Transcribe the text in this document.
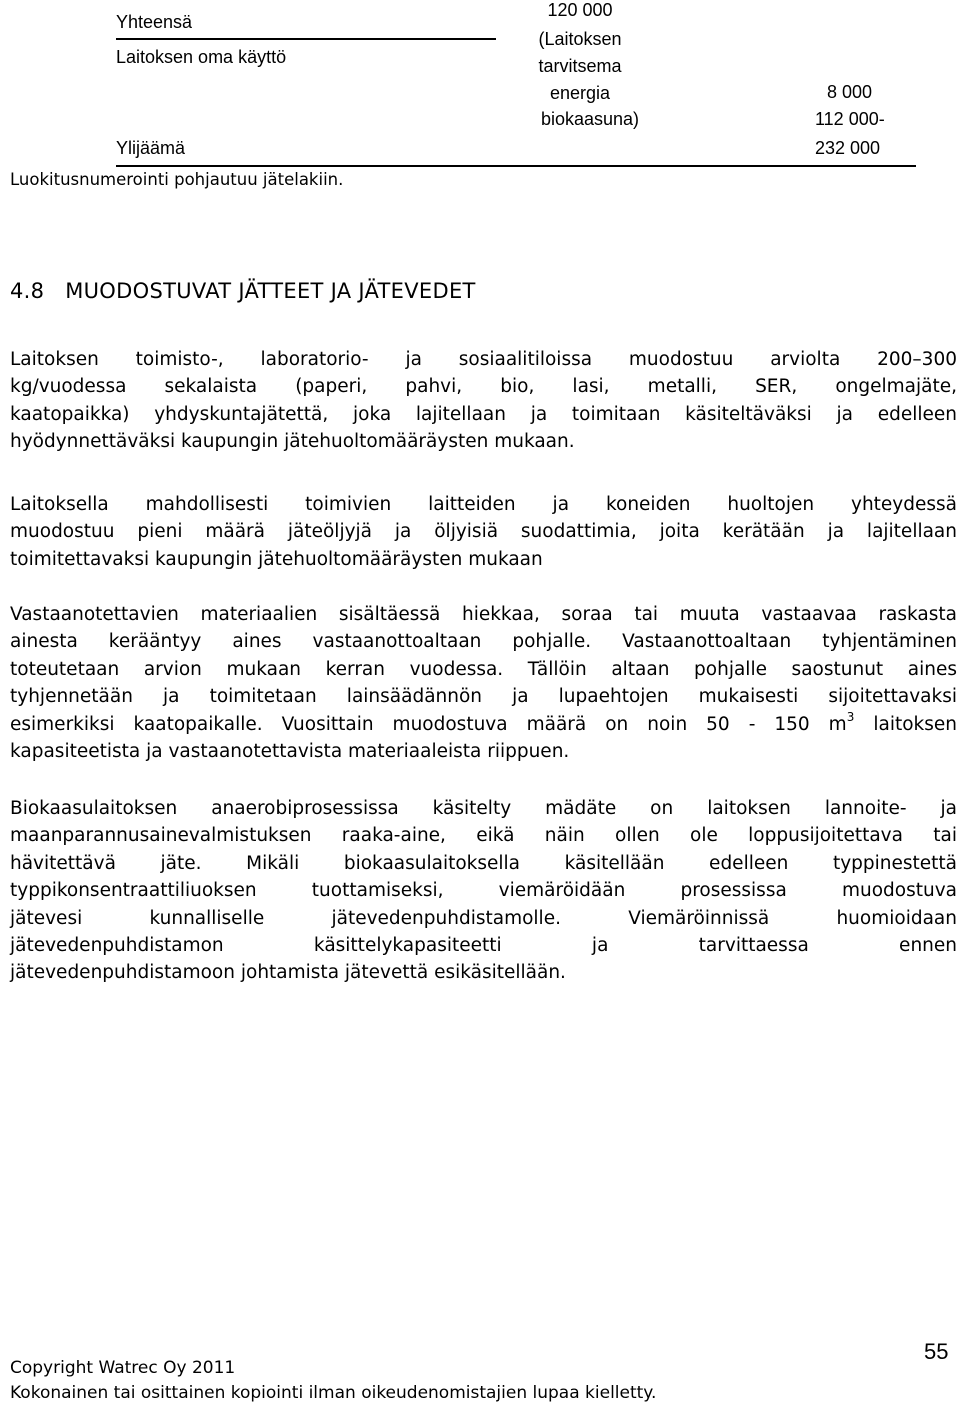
Yhteensä
Laitoksen oma käyttö
Ylijäämä
120 000
(Laitoksen
tarvitsema
energia
biokaasuna)
8 000
112 000-
232 000
Luokitusnumerointi pohjautuu jätelakiin.
4.8   MUODOSTUVAT JÄTTEET JA JÄTEVEDET
Laitoksen toimisto-, laboratorio- ja sosiaalitiloissa muodostuu arviolta 200–300
kg/vuodessa sekalaista (paperi, pahvi, bio, lasi, metalli, SER, ongelmajäte,
kaatopaikka) yhdyskuntajätettä, joka lajitellaan ja toimitaan käsiteltäväksi ja edelleen
hyödynnettäväksi kaupungin jätehuoltomääräysten mukaan.
Laitoksella mahdollisesti toimivien laitteiden ja koneiden huoltojen yhteydessä
muodostuu pieni määrä jäteöljyjä ja öljyisiä suodattimia, joita kerätään ja lajitellaan
toimitettavaksi kaupungin jätehuoltomääräysten mukaan
Vastaanotettavien materiaalien sisältäessä hiekkaa, soraa tai muuta vastaavaa raskasta
ainesta kerääntyy aines vastaanottoaltaan pohjalle. Vastaanottoaltaan tyhjentäminen
toteutetaan arvion mukaan kerran vuodessa. Tällöin altaan pohjalle saostunut aines
tyhjennetään ja toimitetaan lainsäädännön ja lupaehtojen mukaisesti sijoitettavaksi
esimerkiksi kaatopaikalle. Vuosittain muodostuva määrä on noin 50 - 150 $m^3$ laitoksen
kapasiteetista ja vastaanotettavista materiaaleista riippuen.
Biokaasulaitoksen anaerobiprosessissa käsitelty mädäte on laitoksen lannoite- ja
maanparannusainevalmistuksen raaka-aine, eikä näin ollen ole loppusijoitettava tai
hävitettävä jäte. Mikäli biokaasulaitoksella käsitellään edelleen typpinestettä
typpikonsentraattiliuoksen tuottamiseksi, viemäröidään prosessissa muodostuva
jätevesi kunnalliselle jätevedenpuhdistamolle. Viemäröinnissä huomioidaan
jätevedenpuhdistamon käsittelykapasiteetti ja tarvittaessa ennen
jätevedenpuhdistamoon johtamista jätevettä esikäsitellään.
55
Copyright Watrec Oy 2011
Kokonainen tai osittainen kopiointi ilman oikeudenomistajien lupaa kielletty.
